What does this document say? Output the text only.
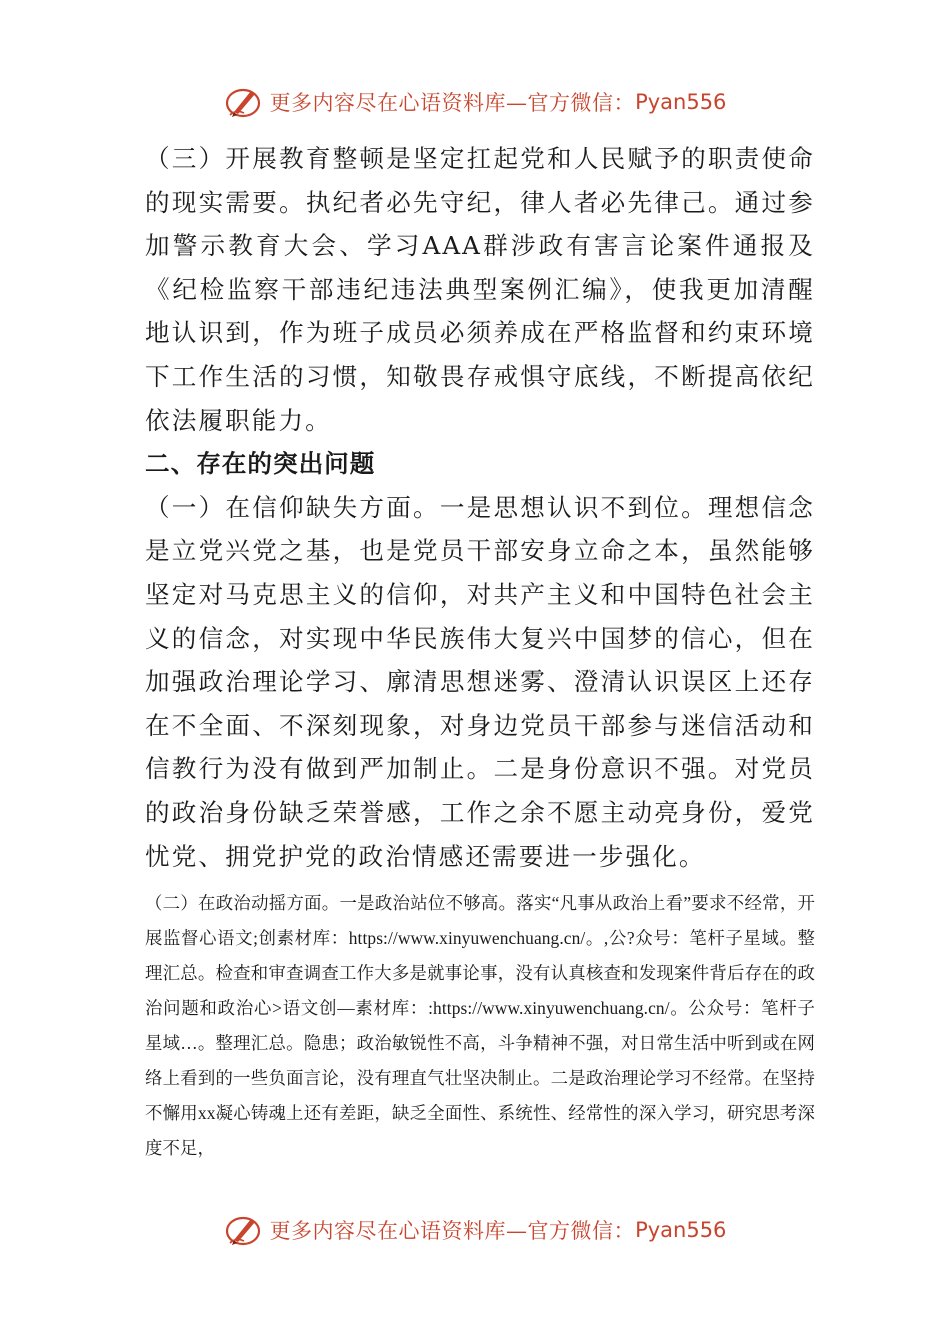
更多内容尽在心语资料库—官方微信： Pyan556

（三）开展教育整顿是坚定扛起党和人民赋予的职责使命的现实需要。执纪者必先守纪，律人者必先律己。通过参加警示教育大会、学习AAA群涉政有害言论案件通报及《纪检监察干部违纪违法典型案例汇编》，使我更加清醒地认识到，作为班子成员必须养成在严格监督和约束环境下工作生活的习惯，知敬畏存戒惧守底线，不断提高依纪依法履职能力。

二、存在的突出问题

（一）在信仰缺失方面。一是思想认识不到位。理想信念是立党兴党之基，也是党员干部安身立命之本，虽然能够坚定对马克思主义的信仰，对共产主义和中国特色社会主义的信念，对实现中华民族伟大复兴中国梦的信心，但在加强政治理论学习、廓清思想迷雾、澄清认识误区上还存在不全面、不深刻现象，对身边党员干部参与迷信活动和信教行为没有做到严加制止。二是身份意识不强。对党员的政治身份缺乏荣誉感，工作之余不愿主动亮身份，爱党忧党、拥党护党的政治情感还需要进一步强化。

（二）在政治动摇方面。一是政治站位不够高。落实“凡事从政治上看”要求不经常，开展监督心语文;创素材库：https://www.xinyuwenchuang.cn/。,公?众号：笔杆子星域。整理汇总。检查和审查调查工作大多是就事论事，没有认真核查和发现案件背后存在的政治问题和政治心>语文创—素材库：:https://www.xinyuwenchuang.cn/。公众号：笔杆子星域…。整理汇总。隐患；政治敏锐性不高，斗争精神不强，对日常生活中听到或在网络上看到的一些负面言论，没有理直气壮坚决制止。二是政治理论学习不经常。在坚持不懈用xx凝心铸魂上还有差距，缺乏全面性、系统性、经常性的深入学习，研究思考深度不足，

更多内容尽在心语资料库—官方微信： Pyan556
